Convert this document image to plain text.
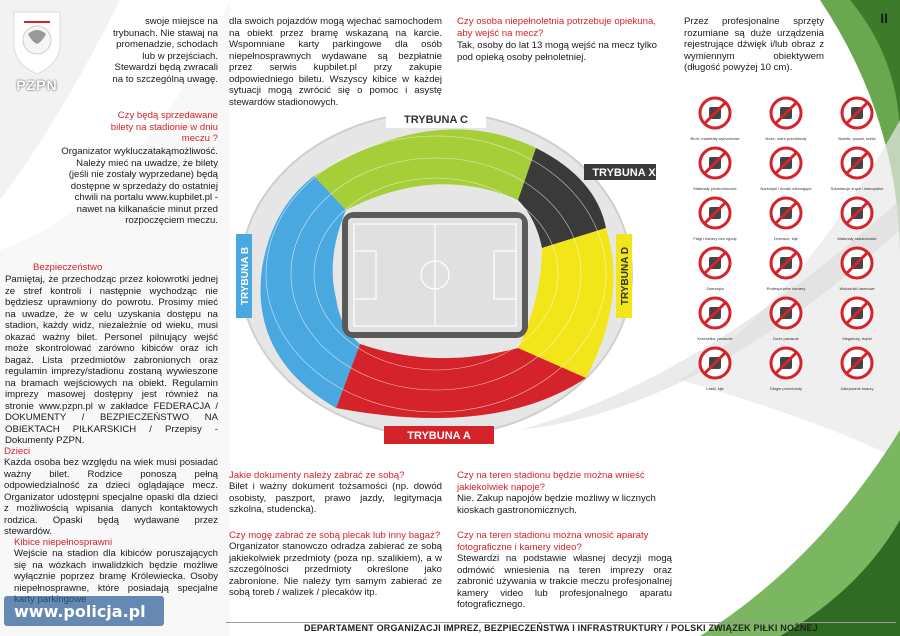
PZPN
II
swoje miejsce na trybunach. Nie stawaj na promenadzie, schodach lub w przejściach. Stewardzi będą zwracali na to szczególną uwagę.
Czy będą sprzedawane bilety na stadionie w dniu meczu ?
Organizator wykluczatakąmożliwość. Należy mieć na uwadze, że bilety (jeśli nie zostały wyprzedane) będą dostępne w sprzedaży do ostatniej chwili na portalu www.kupbilet.pl - nawet na kilkanaście minut przed rozpoczęciem meczu.
Bezpieczeństwo
Pamiętaj, że przechodząc przez kołowrotki jednej ze stref kontroli i następnie wychodząc nie będziesz uprawniony do powrotu. Prosimy mieć na uwadze, że w celu uzyskania dostępu na stadion, każdy widz, niezależnie od wieku, musi okazać ważny bilet. Personel pilnujący wejść może skontrolować zarówno kibiców oraz ich bagaż. Lista przedmiotów zabronionych oraz regulamin imprezy/stadionu zostaną wywieszone na bramach wejściowych na obiekt. Regulamin imprezy masowej dostępny jest również na stronie www.pzpn.pl w zakładce FEDERACJA / DOKUMENTY / BEZPIECZEŃSTWO NA OBIEKTACH PIŁKARSKICH / Przepisy - Dokumenty PZPN.
Dzieci
Każda osoba bez względu na wiek musi posiadać ważny bilet. Rodzice ponoszą pełną odpowiedzialność za dzieci oglądające mecz. Organizator udostępni specjalne opaski dla dzieci z możliwością wpisania danych kontaktowych rodzica. Opaski będą wydawane przez stewardów.
Kibice niepełnosprawni
Wejście na stadion dla kibiców poruszających się na wózkach inwalidzkich będzie możliwe wyłącznie poprzez bramę Królewiecka. Osoby niepełnosprawne, które posiadają specjalne
dla swoich pojazdów mogą wjechać samochodem na obiekt przez bramę wskazaną na karcie. Wspomniane karty parkingowe dla osób niepełnosprawnych wydawane są bezpłatnie przez serwis kupbilet.pl przy zakupie odpowiedniego biletu. Wszyscy kibice w każdej sytuacji mogą zwrócić się o pomoc i asystę stewardów stadionowych.
Jakie dokumenty należy zabrać ze sobą?
Bilet i ważny dokument tożsamości (np. dowód osobisty, paszport, prawo jazdy, legitymacja szkolna, studencka).
Czy mogę zabrać ze sobą plecak lub inny bagaż?
Organizator stanowczo odradza zabierać ze sobą jakiekolwiek przedmioty (poza np. szalikiem), a w szczególności przedmioty określone jako zabronione. Nie należy tym samym zabierać ze sobą toreb / walizek / plecaków itp.
Czy osoba niepełnoletnia potrzebuje opiekuna, aby wejść na mecz?
Tak, osoby do lat 13 mogą wejść na mecz tylko pod opieką osoby pełnoletniej.
Czy na teren stadionu będzie można wnieść jakiekolwiek napoje?
Nie. Zakup napojów będzie możliwy w licznych kioskach gastronomicznych.
Czy na teren stadionu można wnosić aparaty fotograficzne i kamery video?
Stewardzi na podstawie własnej decyzji mogą odmówić wniesienia na teren imprezy oraz zabronić używania w trakcie meczu profesjonalnej kamery video lub profesjonalnego aparatu fotograficznego.
Przez profesjonalne sprzęty rozumiane są duże urządzenia rejestrujące dźwięk i/lub obraz z wymiennym obiektywem (długość powyżej 10 cm).
TRYBUNA C
TRYBUNA X
TRYBUNA D
TRYBUNA B
TRYBUNA A
Broń, materiały wybuchowe	Noże, ostre przedmioty	Butelki, puszki, kubki
Materiały pirotechniczne	Narkotyki i środki odurzające	Substancje żrące i łatwopalne
Flagi i banery bez zgody	Drzewce, kije	Materiały rasistowskie
Zwierzęta	Profesjonalne kamery	Wskaźniki laserowe
Krzesełka, parasole	Duże parasole	Megafony, trąbki
Laski, kije	Długie przedmioty	Zakrywanie twarzy
DEPARTAMENT ORGANIZACJI IMPREZ, BEZPIECZEŃSTWA I INFRASTRUKTURY / POLSKI ZWIĄZEK PIŁKI NOŻNEJ
www.policja.pl
